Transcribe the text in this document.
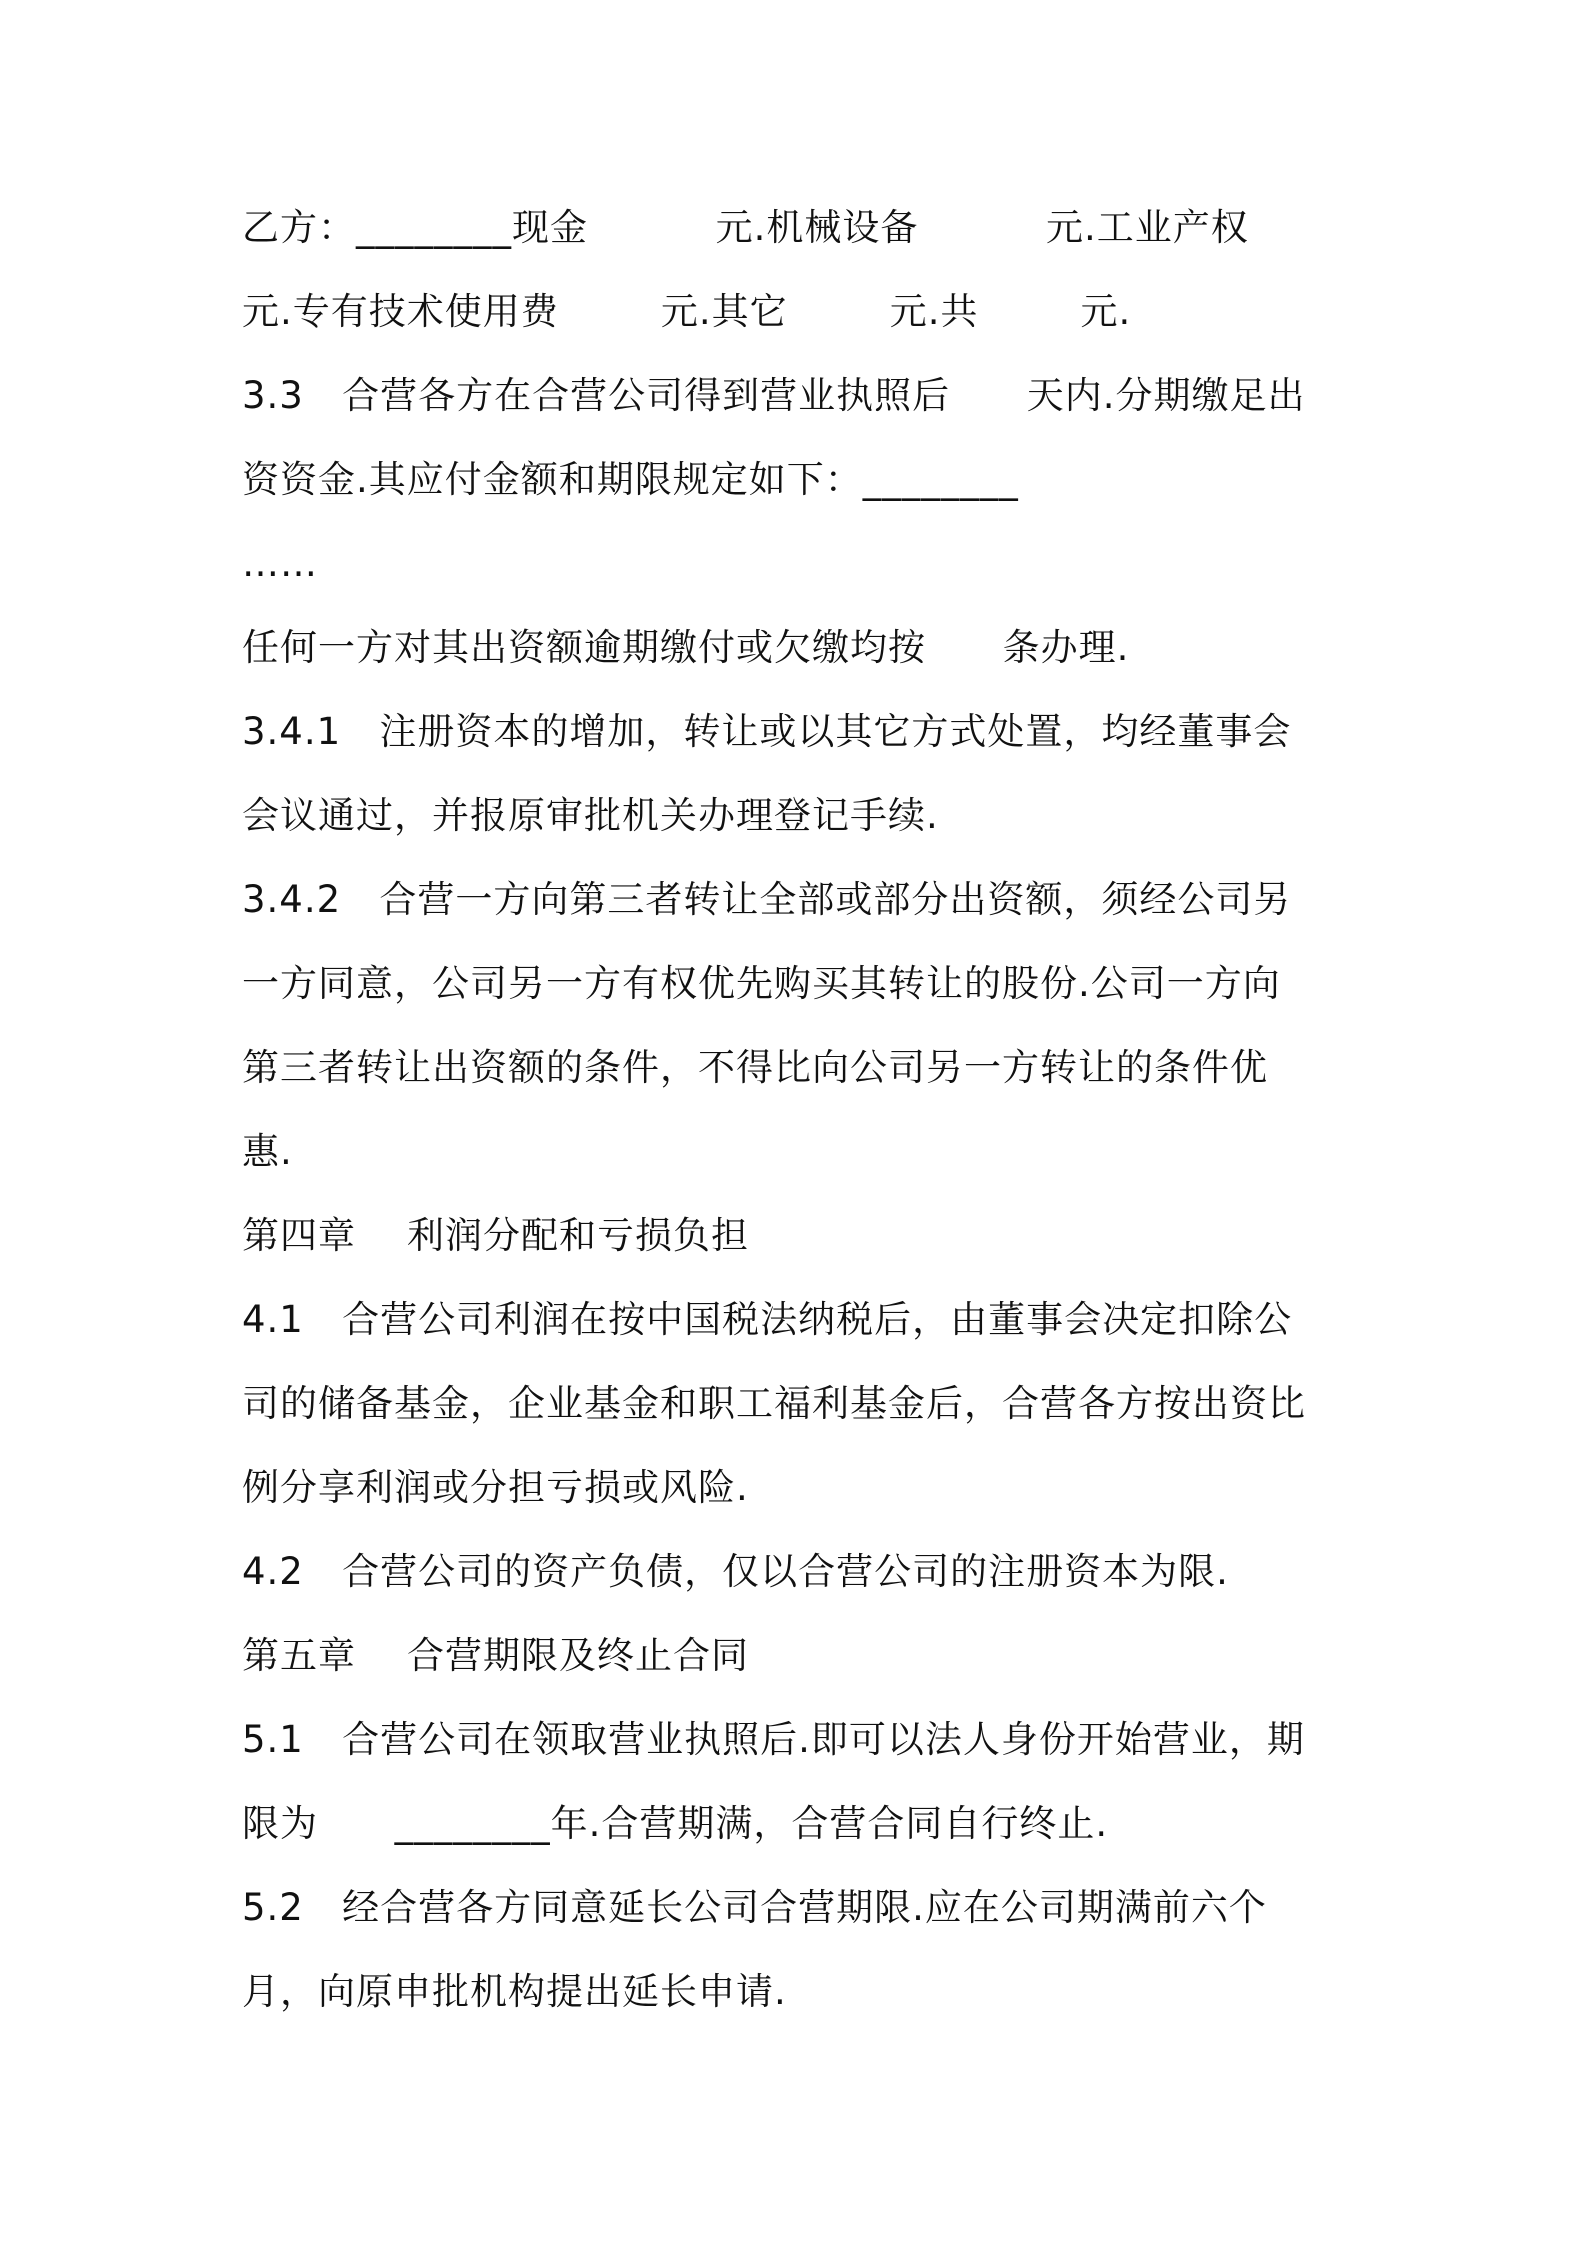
乙方：________现金          元.机械设备          元.工业产权
元.专有技术使用费        元.其它        元.共        元.
3.3   合营各方在合营公司得到营业执照后      天内.分期缴足出
资资金.其应付金额和期限规定如下：________
……
任何一方对其出资额逾期缴付或欠缴均按      条办理.
3.4.1   注册资本的增加，转让或以其它方式处置，均经董事会
会议通过，并报原审批机关办理登记手续.
3.4.2   合营一方向第三者转让全部或部分出资额，须经公司另
一方同意，公司另一方有权优先购买其转让的股份.公司一方向
第三者转让出资额的条件，不得比向公司另一方转让的条件优
惠.
第四章    利润分配和亏损负担
4.1   合营公司利润在按中国税法纳税后，由董事会决定扣除公
司的储备基金，企业基金和职工福利基金后，合营各方按出资比
例分享利润或分担亏损或风险.
4.2   合营公司的资产负债，仅以合营公司的注册资本为限.
第五章    合营期限及终止合同
5.1   合营公司在领取营业执照后.即可以法人身份开始营业，期
限为      ________年.合营期满，合营合同自行终止.
5.2   经合营各方同意延长公司合营期限.应在公司期满前六个
月，向原申批机构提出延长申请.
